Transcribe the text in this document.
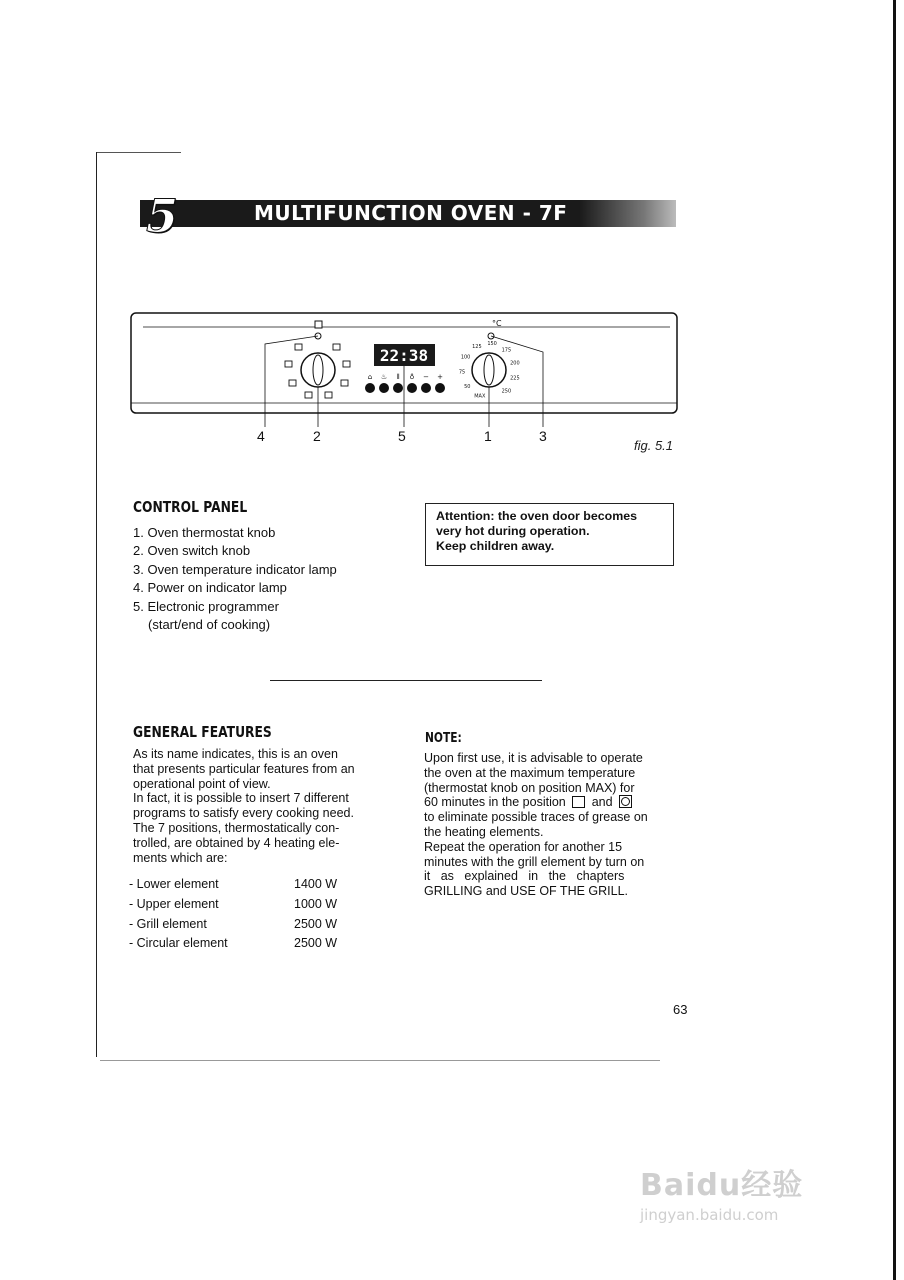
5	MULTIFUNCTION OVEN - 7F
22:38
⌂ ♨ ⦀ ♁ − +
°C
MAX
50
75
100
125 150
175
200
225
250
4	2	5	1	3
fig. 5.1
CONTROL PANEL
1. Oven thermostat knob
2. Oven switch knob
3. Oven temperature indicator lamp
4. Power on indicator lamp
5. Electronic programmer
(start/end of cooking)
Attention: the oven door becomes
very hot during operation.
Keep children away.
GENERAL FEATURES
As its name indicates, this is an oven
that presents particular features from an
operational point of view.
In fact, it is possible to insert 7 different
programs to satisfy every cooking need.
The 7 positions, thermostatically con-
trolled, are obtained by 4 heating ele-
ments which are:
- Lower element	1400 W
- Upper element	1000 W
- Grill element	2500 W
- Circular element	2500 W
NOTE:
Upon first use, it is advisable to operate
the oven at the maximum temperature
(thermostat knob on position MAX) for
60 minutes in the position and
to eliminate possible traces of grease on
the heating elements.
Repeat the operation for another 15
minutes with the grill element by turn on
it as explained in the chapters
GRILLING and USE OF THE GRILL.
63
Baidu经验
jingyan.baidu.com
